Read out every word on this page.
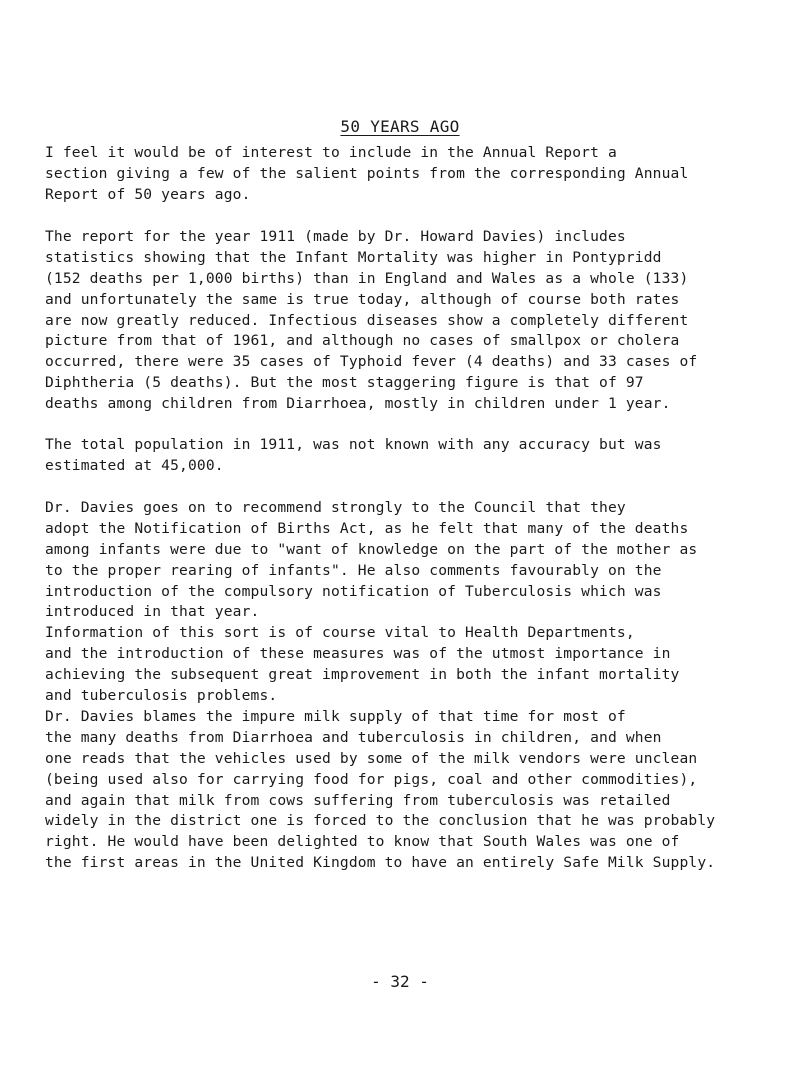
50 YEARS AGO
I feel it would be of interest to include in the Annual Report a
section giving a few of the salient points from the corresponding Annual
Report of 50 years ago.
The report for the year 1911 (made by Dr. Howard Davies) includes
statistics showing that the Infant Mortality was higher in Pontypridd
(152 deaths per 1,000 births) than in England and Wales as a whole (133)
and unfortunately the same is true today, although of course both rates
are now greatly reduced. Infectious diseases show a completely different
picture from that of 1961, and although no cases of smallpox or cholera
occurred, there were 35 cases of Typhoid fever (4 deaths) and 33 cases of
Diphtheria (5 deaths). But the most staggering figure is that of 97
deaths among children from Diarrhoea, mostly in children under 1 year.
The total population in 1911, was not known with any accuracy but was
estimated at 45,000.
Dr. Davies goes on to recommend strongly to the Council that they
adopt the Notification of Births Act, as he felt that many of the deaths
among infants were due to "want of knowledge on the part of the mother as
to the proper rearing of infants". He also comments favourably on the
introduction of the compulsory notification of Tuberculosis which was
introduced in that year.
Information of this sort is of course vital to Health Departments,
and the introduction of these measures was of the utmost importance in
achieving the subsequent great improvement in both the infant mortality
and tuberculosis problems.
Dr. Davies blames the impure milk supply of that time for most of
the many deaths from Diarrhoea and tuberculosis in children, and when
one reads that the vehicles used by some of the milk vendors were unclean
(being used also for carrying food for pigs, coal and other commodities),
and again that milk from cows suffering from tuberculosis was retailed
widely in the district one is forced to the conclusion that he was probably
right. He would have been delighted to know that South Wales was one of
the first areas in the United Kingdom to have an entirely Safe Milk Supply.
- 32 -
